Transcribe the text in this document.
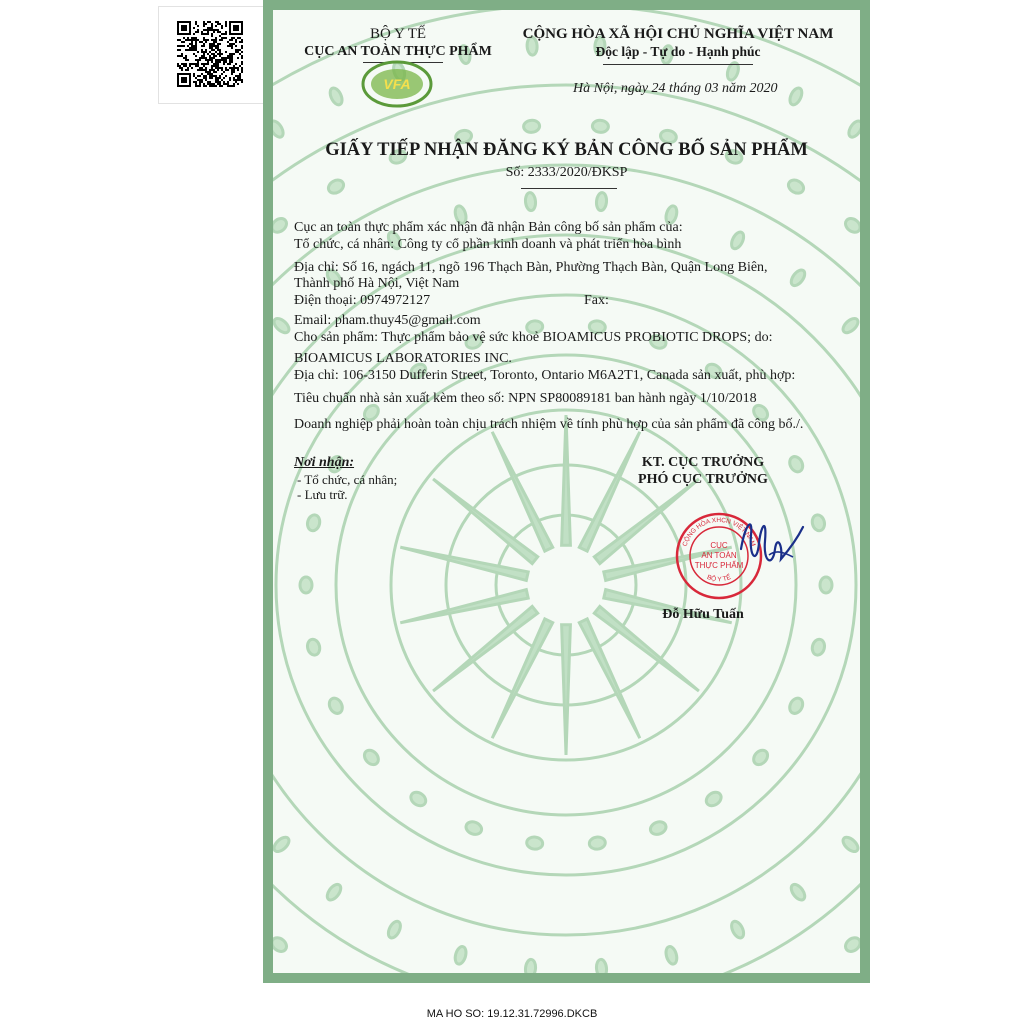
BỘ Y TẾ
CỤC AN TOÀN THỰC PHẨM
VFA
CỘNG HÒA XÃ HỘI CHỦ NGHĨA VIỆT NAM
Độc lập - Tự do - Hạnh phúc
Hà Nội, ngày 24 tháng 03 năm 2020
GIẤY TIẾP NHẬN ĐĂNG KÝ BẢN CÔNG BỐ SẢN PHẨM
Số: 2333/2020/ĐKSP
Cục an toàn thực phẩm xác nhận đã nhận Bản công bố sản phẩm của:
Tổ chức, cá nhân: Công ty cổ phần kinh doanh và phát triển hòa bình
Địa chỉ: Số 16, ngách 11, ngõ 196 Thạch Bàn, Phường Thạch Bàn, Quận Long Biên,
Thành phố Hà Nội, Việt Nam
Điện thoại: 0974972127	Fax:
Email: pham.thuy45@gmail.com
Cho sản phẩm: Thực phẩm bảo vệ sức khoẻ BIOAMICUS PROBIOTIC DROPS; do:
BIOAMICUS LABORATORIES INC.
Địa chỉ: 106-3150 Dufferin Street, Toronto, Ontario M6A2T1, Canada sản xuất, phù hợp:
Tiêu chuẩn nhà sản xuất kèm theo số: NPN SP80089181 ban hành ngày 1/10/2018
Doanh nghiệp phải hoàn toàn chịu trách nhiệm về tính phù hợp của sản phẩm đã công bố./.
Nơi nhận:
- Tổ chức, cá nhân;
- Lưu trữ.
KT. CỤC TRƯỞNG
PHÓ CỤC TRƯỞNG
CỘNG HÒA XHCN VIỆT NAM
BỘ Y TẾ
CỤC
AN TOÀN
THỰC PHẨM
Đỗ Hữu Tuấn
MA HO SO: 19.12.31.72996.DKCB
